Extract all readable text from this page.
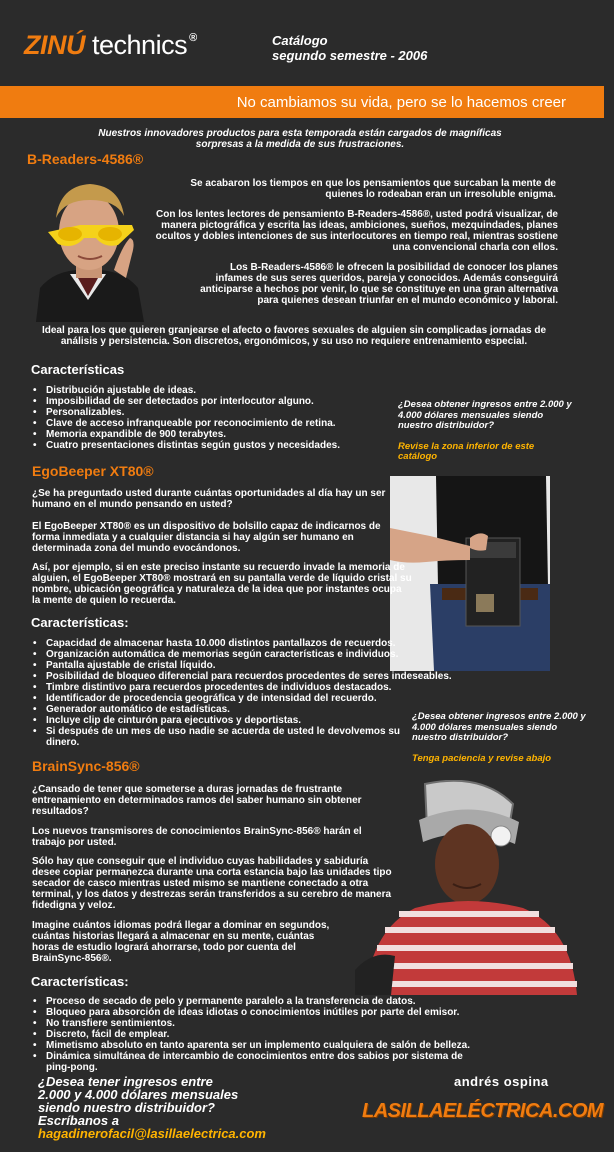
ZINÚ technics ®	Catálogo
segundo semestre - 2006
No cambiamos su vida, pero se lo hacemos creer
Nuestros innovadores productos para esta temporada están cargados de magníficas sorpresas a la medida de sus frustraciones.
B-Readers-4586®
Se acabaron los tiempos en que los pensamientos que surcaban la mente de quienes lo rodeaban eran un irresoluble enigma.
Con los lentes lectores de pensamiento B-Readers-4586®, usted podrá visualizar, de manera pictográfica y escrita las ideas, ambiciones, sueños, mezquindades, planes ocultos y dobles intenciones de sus interlocutores en tiempo real, mientras sostiene una convencional charla con ellos.
Los B-Readers-4586® le ofrecen la posibilidad de conocer los planes infames de sus seres queridos, pareja y conocidos. Además conseguirá anticiparse a hechos por venir, lo que se constituye en una gran alternativa para quienes desean triunfar en el mundo económico y laboral.
Ideal para los que quieren granjearse el afecto o favores sexuales de alguien sin complicadas jornadas de análisis y persistencia. Son discretos, ergonómicos, y su uso no requiere entrenamiento especial.
Características
• Distribución ajustable de ideas.
• Imposibilidad de ser detectados por interlocutor alguno.
• Personalizables.
• Clave de acceso infranqueable por reconocimiento de retina.
• Memoria expandible de 900 terabytes.
• Cuatro presentaciones distintas según gustos y necesidades.
¿Desea obtener ingresos entre 2.000 y 4.000 dólares mensuales siendo nuestro distribuidor?
Revise la zona inferior de este catálogo
EgoBeeper XT80®
¿Se ha preguntado usted durante cuántas oportunidades al día hay un ser humano en el mundo pensando en usted?
El EgoBeeper XT80® es un dispositivo de bolsillo capaz de indicarnos de forma inmediata y a cualquier distancia si hay algún ser humano en determinada zona del mundo evocándonos.
Así, por ejemplo, si en este preciso instante su recuerdo invade la memoria de alguien, el EgoBeeper XT80® mostrará en su pantalla verde de líquido cristal su nombre, ubicación geográfica y naturaleza de la idea que por instantes ocupa la mente de quien lo recuerda.
Características:
• Capacidad de almacenar hasta 10.000 distintos pantallazos de recuerdos.
• Organización automática de memorias según características e individuos.
• Pantalla ajustable de cristal líquido.
• Posibilidad de bloqueo diferencial para recuerdos procedentes de seres indeseables.
• Timbre distintivo para recuerdos procedentes de individuos destacados.
• Identificador de procedencia geográfica y de intensidad del recuerdo.
• Generador automático de estadísticas.
• Incluye clip de cinturón para ejecutivos y deportistas.
• Si después de un mes de uso nadie se acuerda de usted le devolvemos su dinero.
¿Desea obtener ingresos entre 2.000 y 4.000 dólares mensuales siendo nuestro distribuidor?
Tenga paciencia y revise abajo
BrainSync-856®
¿Cansado de tener que someterse a duras jornadas de frustrante entrenamiento en determinados ramos del saber humano sin obtener resultados?
Los nuevos transmisores de conocimientos BrainSync-856® harán el trabajo por usted.
Sólo hay que conseguir que el individuo cuyas habilidades y sabiduría desee copiar permanezca durante una corta estancia bajo las unidades tipo secador de casco mientras usted mismo se mantiene conectado a otra terminal, y los datos y destrezas serán transferidos a su cerebro de manera fidedigna y veloz.
Imagine cuántos idiomas podrá llegar a dominar en segundos, cuántas historias llegará a almacenar en su mente, cuántas horas de estudio logrará ahorrarse, todo por cuenta del BrainSync-856®.
Características:
• Proceso de secado de pelo y permanente paralelo a la transferencia de datos.
• Bloqueo para absorción de ideas idiotas o conocimientos inútiles por parte del emisor.
• No transfiere sentimientos.
• Discreto, fácil de emplear.
• Mimetismo absoluto en tanto aparenta ser un implemento cualquiera de salón de belleza.
• Dinámica simultánea de intercambio de conocimientos entre dos sabios por sistema de ping-pong.
¿Desea tener ingresos entre
2.000 y 4.000 dólares mensuales
siendo nuestro distribuidor?
Escríbanos a
hagadinerofacil@lasillaelectrica.com
andrés ospina
LASILLAELÉCTRICA.COM
